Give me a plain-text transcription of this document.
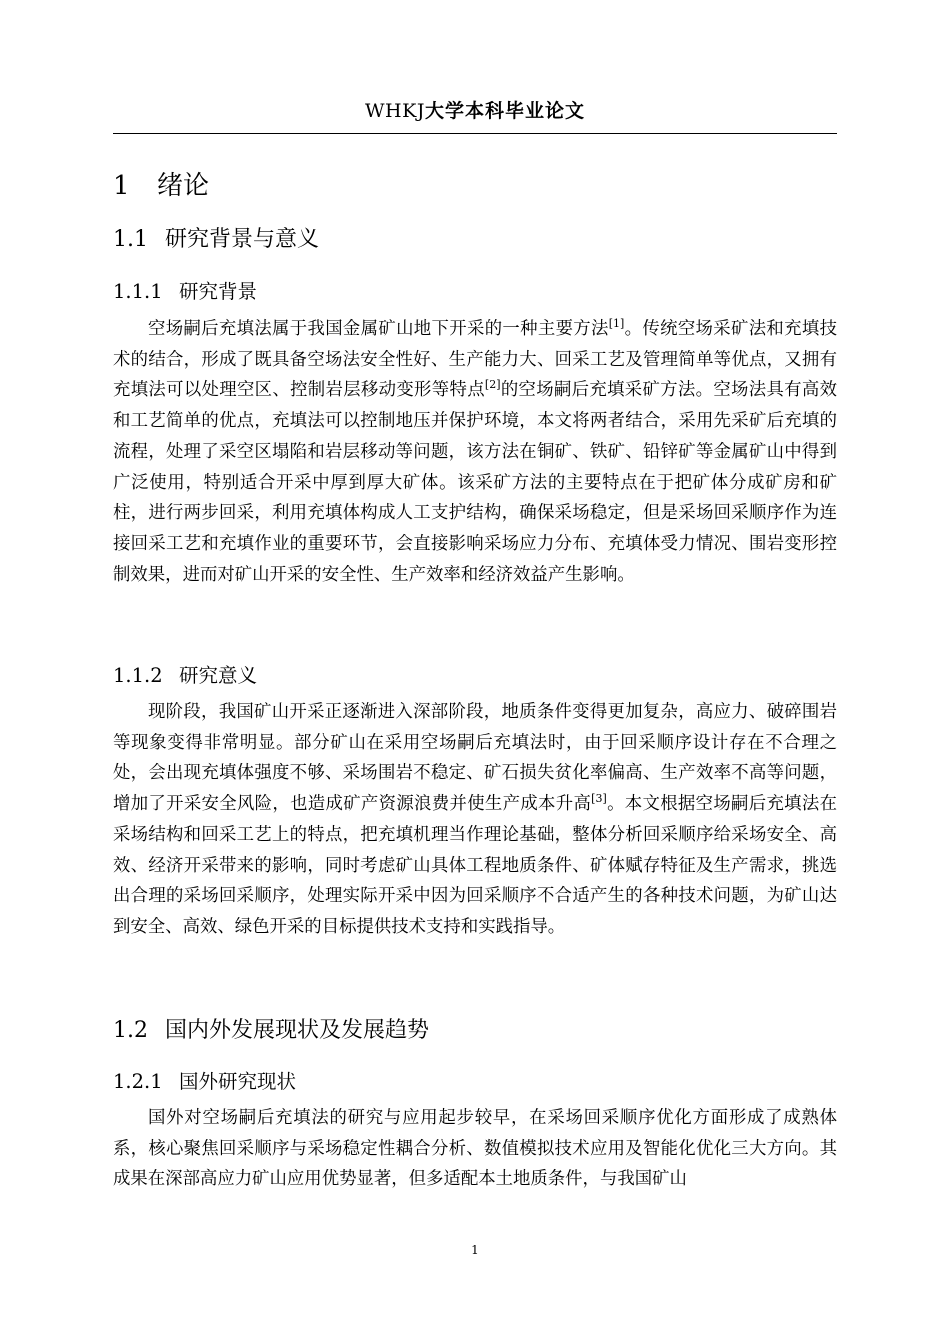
WHKJ大学本科毕业论文
1 绪论
1.1 研究背景与意义
1.1.1 研究背景

空场嗣后充填法属于我国金属矿山地下开采的一种主要方法[1]。传统空场采矿法和充填技术的结合，形成了既具备空场法安全性好、生产能力大、回采工艺及管理简单等优点，又拥有充填法可以处理空区、控制岩层移动变形等特点[2]的空场嗣后充填采矿方法。空场法具有高效和工艺简单的优点，充填法可以控制地压并保护环境，本文将两者结合，采用先采矿后充填的流程，处理了采空区塌陷和岩层移动等问题，该方法在铜矿、铁矿、铅锌矿等金属矿山中得到广泛使用，特别适合开采中厚到厚大矿体。该采矿方法的主要特点在于把矿体分成矿房和矿柱，进行两步回采，利用充填体构成人工支护结构，确保采场稳定，但是采场回采顺序作为连接回采工艺和充填作业的重要环节，会直接影响采场应力分布、充填体受力情况、围岩变形控制效果，进而对矿山开采的安全性、生产效率和经济效益产生影响。

1.1.2 研究意义

现阶段，我国矿山开采正逐渐进入深部阶段，地质条件变得更加复杂，高应力、破碎围岩等现象变得非常明显。部分矿山在采用空场嗣后充填法时，由于回采顺序设计存在不合理之处，会出现充填体强度不够、采场围岩不稳定、矿石损失贫化率偏高、生产效率不高等问题，增加了开采安全风险，也造成矿产资源浪费并使生产成本升高[3]。本文根据空场嗣后充填法在采场结构和回采工艺上的特点，把充填机理当作理论基础，整体分析回采顺序给采场安全、高效、经济开采带来的影响，同时考虑矿山具体工程地质条件、矿体赋存特征及生产需求，挑选出合理的采场回采顺序，处理实际开采中因为回采顺序不合适产生的各种技术问题，为矿山达到安全、高效、绿色开采的目标提供技术支持和实践指导。

1.2 国内外发展现状及发展趋势
1.2.1 国外研究现状

国外对空场嗣后充填法的研究与应用起步较早，在采场回采顺序优化方面形成了成熟体系，核心聚焦回采顺序与采场稳定性耦合分析、数值模拟技术应用及智能化优化三大方向。其成果在深部高应力矿山应用优势显著，但多适配本土地质条件，与我国矿山

1
